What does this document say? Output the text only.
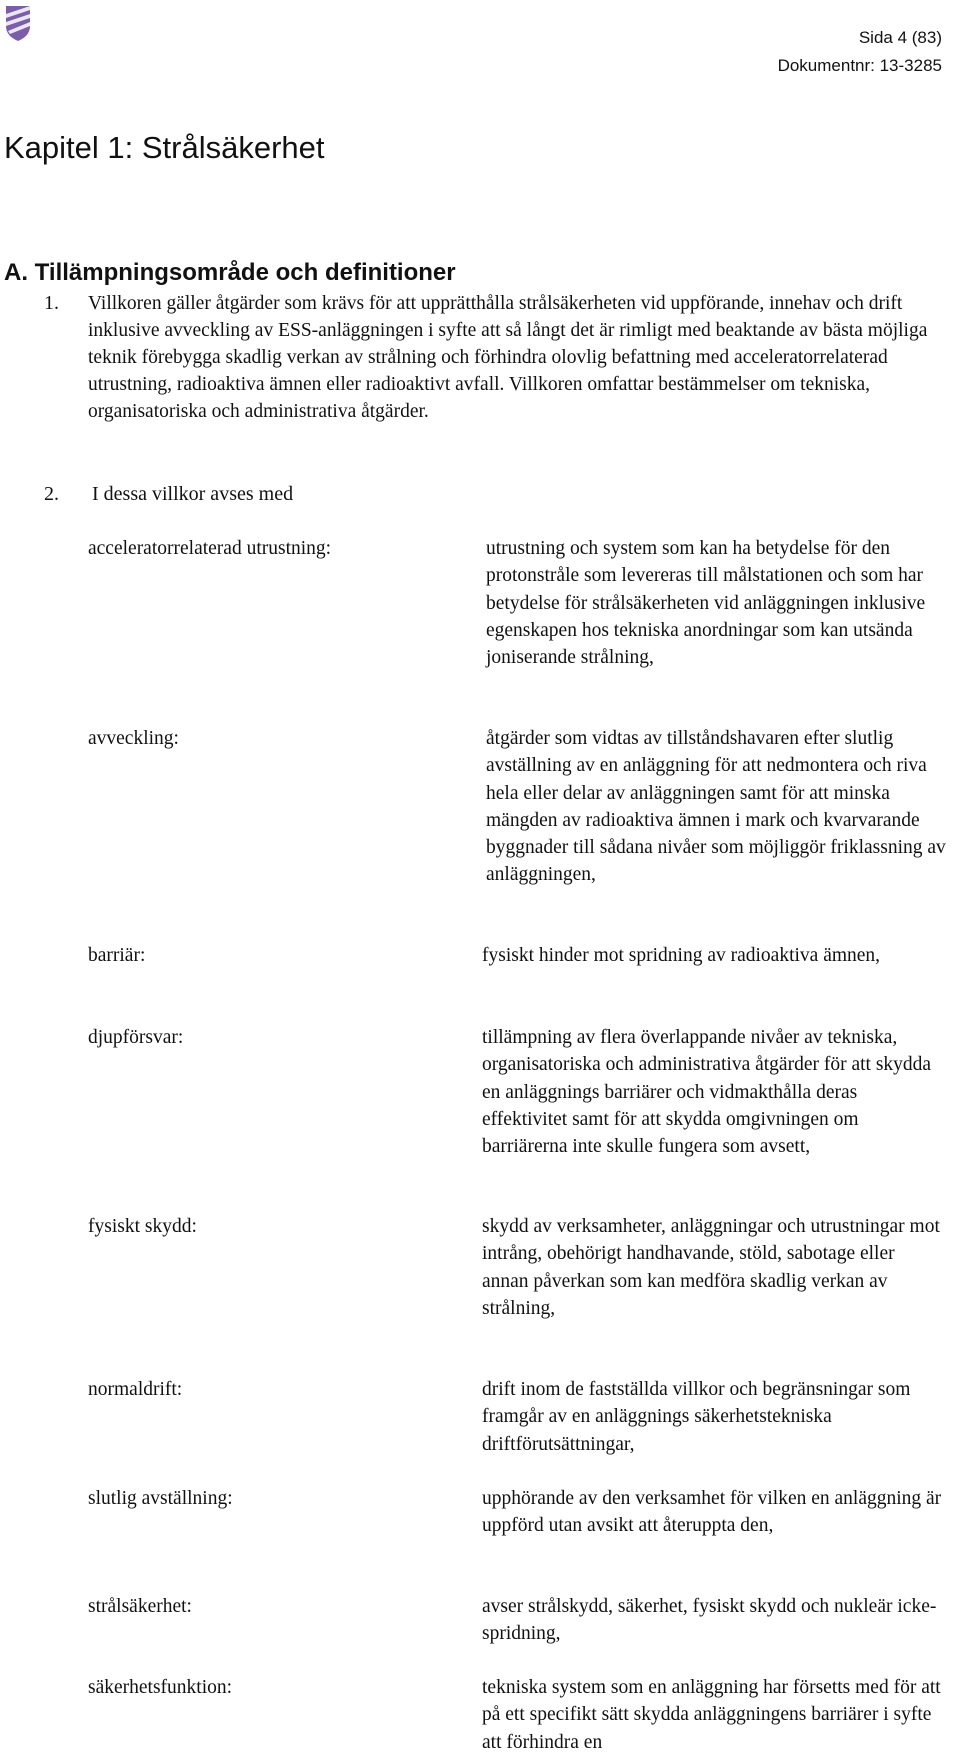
Sida 4 (83)
Dokumentnr: 13-3285
Kapitel 1: Strålsäkerhet
A. Tillämpningsområde och definitioner
1. Villkoren gäller åtgärder som krävs för att upprätthålla strålsäkerheten vid uppförande, innehav och drift inklusive avveckling av ESS-anläggningen i syfte att så långt det är rimligt med beaktande av bästa möjliga teknik förebygga skadlig verkan av strålning och förhindra olovlig befattning med acceleratorrelaterad utrustning, radioaktiva ämnen eller radioaktivt avfall. Villkoren omfattar bestämmelser om tekniska, organisatoriska och administrativa åtgärder.
2. I dessa villkor avses med
acceleratorrelaterad utrustning:	utrustning och system som kan ha betydelse för den protonstråle som levereras till målstationen och som har betydelse för strålsäkerheten vid anläggningen inklusive egenskapen hos tekniska anordningar som kan utsända joniserande strålning,
avveckling:	åtgärder som vidtas av tillståndshavaren efter slutlig avställning av en anläggning för att nedmontera och riva hela eller delar av anläggningen samt för att minska mängden av radioaktiva ämnen i mark och kvarvarande byggnader till sådana nivåer som möjliggör friklassning av anläggningen,
barriär:	fysiskt hinder mot spridning av radioaktiva ämnen,
djupförsvar:	tillämpning av flera överlappande nivåer av tekniska, organisatoriska och administrativa åtgärder för att skydda en anläggnings barriärer och vidmakthålla deras effektivitet samt för att skydda omgivningen om barriärerna inte skulle fungera som avsett,
fysiskt skydd:	skydd av verksamheter, anläggningar och utrustningar mot intrång, obehörigt handhavande, stöld, sabotage eller annan påverkan som kan medföra skadlig verkan av strålning,
normaldrift:	drift inom de fastställda villkor och begränsningar som framgår av en anläggnings säkerhetstekniska driftförutsättningar,
slutlig avställning:	upphörande av den verksamhet för vilken en anläggning är uppförd utan avsikt att återuppta den,
strålsäkerhet:	avser strålskydd, säkerhet, fysiskt skydd och nukleär icke-spridning,
säkerhetsfunktion:	tekniska system som en anläggning har försetts med för att på ett specifikt sätt skydda anläggningens barriärer i syfte att förhindra en
